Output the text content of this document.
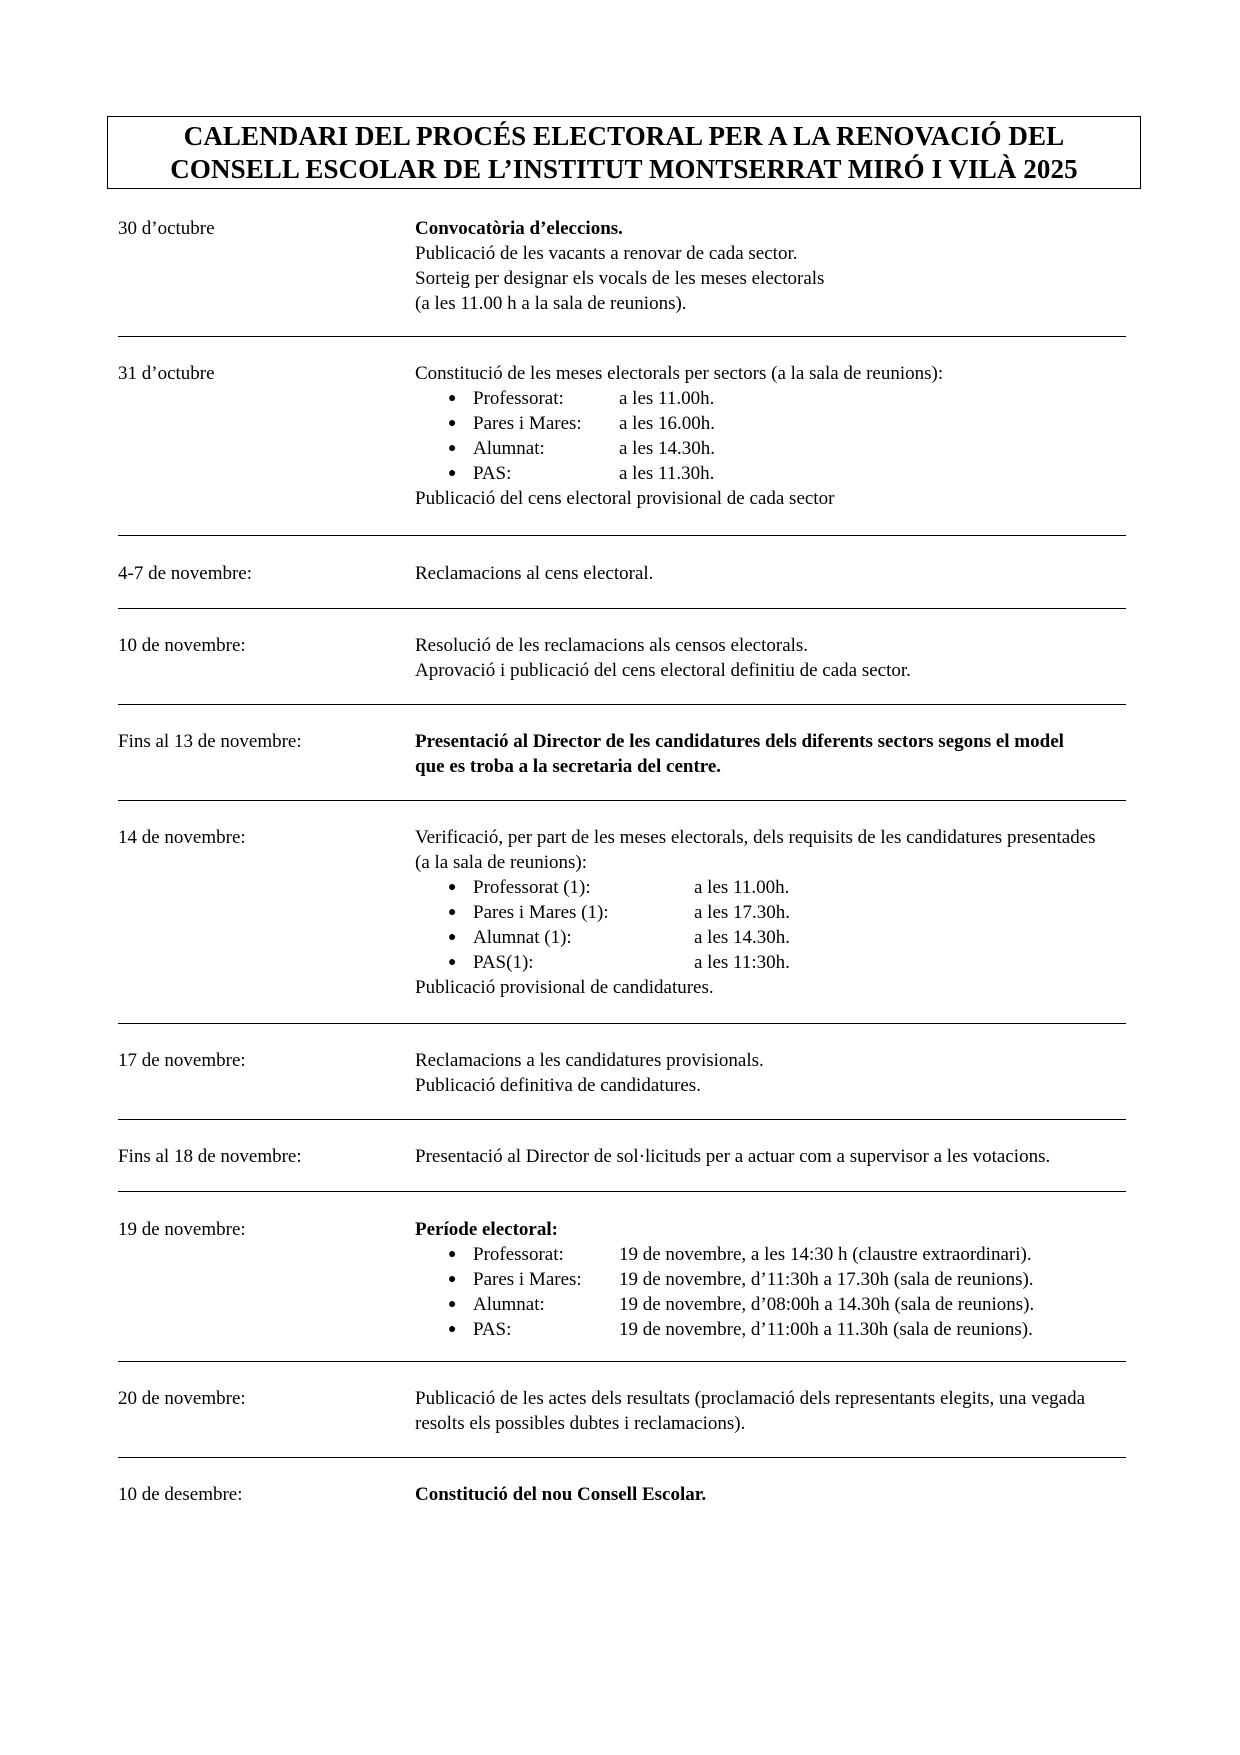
CALENDARI DEL PROCÉS ELECTORAL PER A LA RENOVACIÓ DEL
CONSELL ESCOLAR DE L’INSTITUT MONTSERRAT MIRÓ I VILÀ 2025
30 d’octubre	Convocatòria d’eleccions.
Publicació de les vacants a renovar de cada sector.
Sorteig per designar els vocals de les meses electorals
(a les 11.00 h a la sala de reunions).
31 d’octubre	Constitució de les meses electorals per sectors (a la sala de reunions):
● Professorat:	a les 11.00h.
● Pares i Mares:	a les 16.00h.
● Alumnat:	a les 14.30h.
● PAS:	a les 11.30h.
Publicació del cens electoral provisional de cada sector
4-7 de novembre:	Reclamacions al cens electoral.
10 de novembre:	Resolució de les reclamacions als censos electorals.
Aprovació i publicació del cens electoral definitiu de cada sector.
Fins al 13 de novembre:	Presentació al Director de les candidatures dels diferents sectors segons el model que es troba a la secretaria del centre.
14 de novembre:	Verificació, per part de les meses electorals, dels requisits de les candidatures presentades (a la sala de reunions):
● Professorat (1):	a les 11.00h.
● Pares i Mares (1):	a les 17.30h.
● Alumnat (1):	a les 14.30h.
● PAS(1):	a les 11:30h.
Publicació provisional de candidatures.
17 de novembre:	Reclamacions a les candidatures provisionals.
Publicació definitiva de candidatures.
Fins al 18 de novembre:	Presentació al Director de sol·licituds per a actuar com a supervisor a les votacions.
19 de novembre:	Període electoral:
● Professorat:	19 de novembre, a les 14:30 h (claustre extraordinari).
● Pares i Mares:	19 de novembre, d’11:30h a 17.30h (sala de reunions).
● Alumnat:	19 de novembre, d’08:00h a 14.30h (sala de reunions).
● PAS:	19 de novembre, d’11:00h a 11.30h (sala de reunions).
20 de novembre:	Publicació de les actes dels resultats (proclamació dels representants elegits, una vegada resolts els possibles dubtes i reclamacions).
10 de desembre:	Constitució del nou Consell Escolar.
